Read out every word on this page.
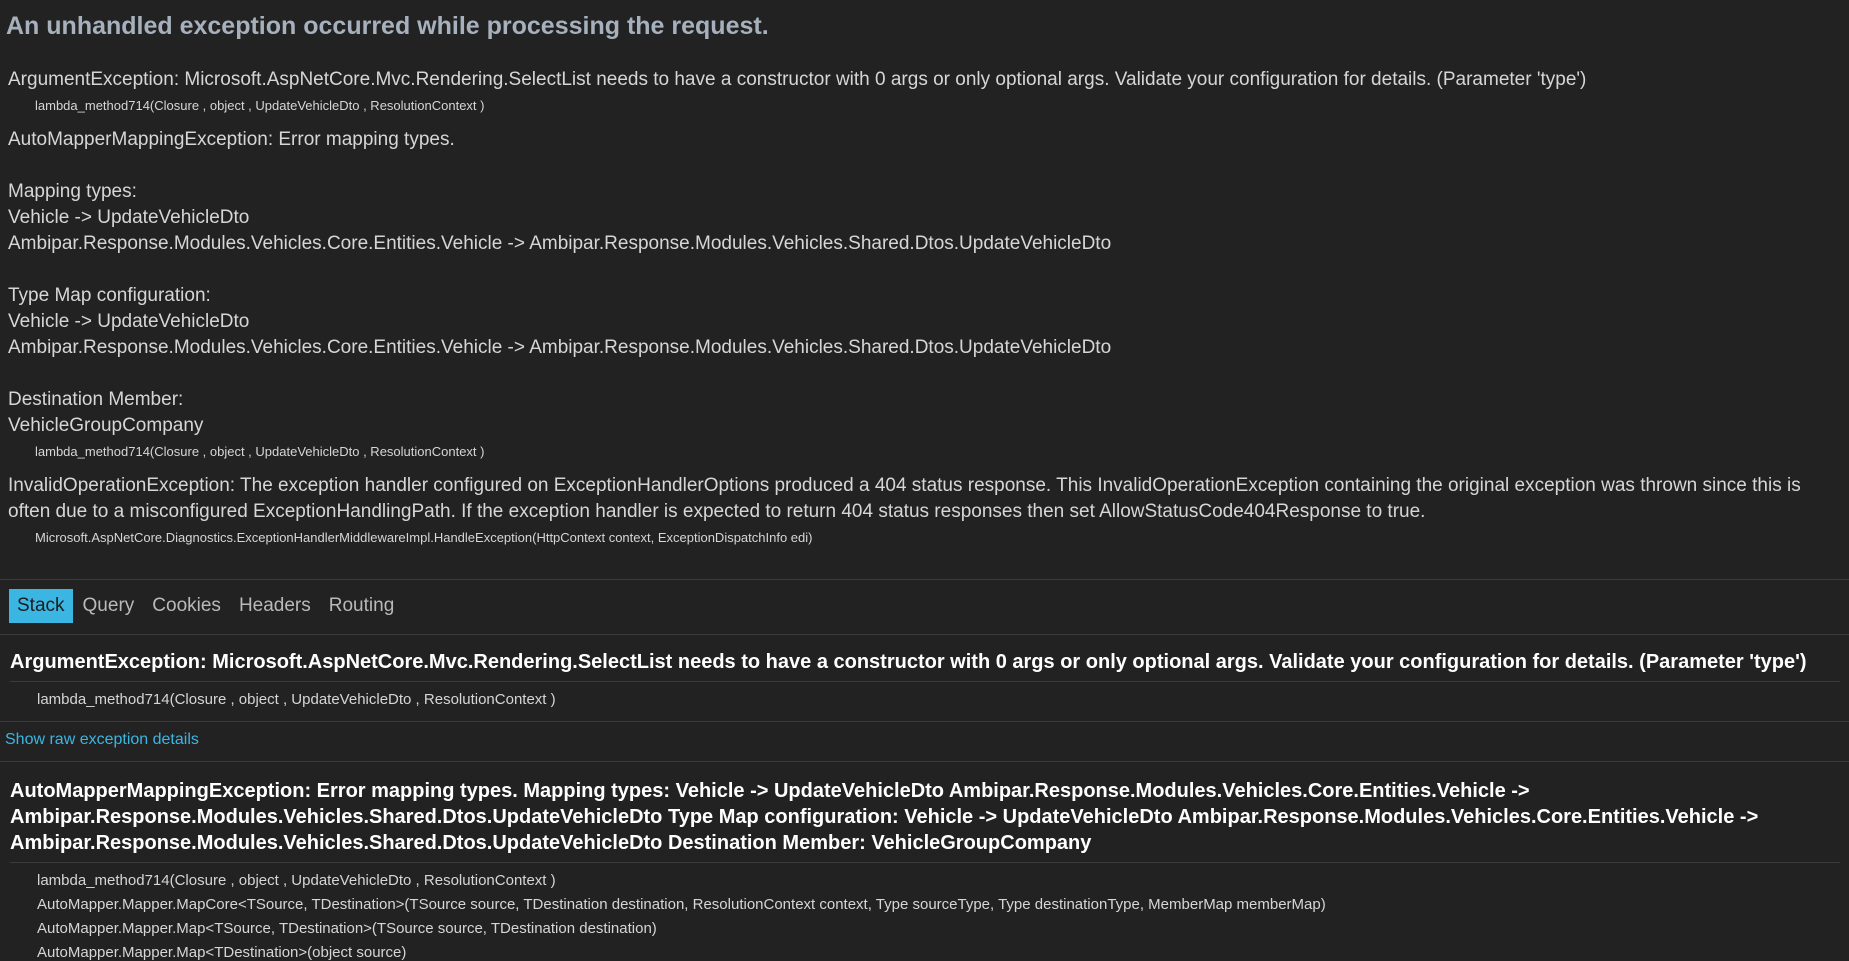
An unhandled exception occurred while processing the request.

ArgumentException: Microsoft.AspNetCore.Mvc.Rendering.SelectList needs to have a constructor with 0 args or only optional args. Validate your configuration for details. (Parameter 'type')

lambda_method714(Closure , object , UpdateVehicleDto , ResolutionContext )

AutoMapperMappingException: Error mapping types.

Mapping types:
Vehicle -> UpdateVehicleDto
Ambipar.Response.Modules.Vehicles.Core.Entities.Vehicle -> Ambipar.Response.Modules.Vehicles.Shared.Dtos.UpdateVehicleDto

Type Map configuration:
Vehicle -> UpdateVehicleDto
Ambipar.Response.Modules.Vehicles.Core.Entities.Vehicle -> Ambipar.Response.Modules.Vehicles.Shared.Dtos.UpdateVehicleDto

Destination Member:
VehicleGroupCompany

lambda_method714(Closure , object , UpdateVehicleDto , ResolutionContext )

InvalidOperationException: The exception handler configured on ExceptionHandlerOptions produced a 404 status response. This InvalidOperationException containing the original exception was thrown since this is often due to a misconfigured ExceptionHandlingPath. If the exception handler is expected to return 404 status responses then set AllowStatusCode404Response to true.

Microsoft.AspNetCore.Diagnostics.ExceptionHandlerMiddlewareImpl.HandleException(HttpContext context, ExceptionDispatchInfo edi)
Stack Query Cookies Headers Routing
ArgumentException: Microsoft.AspNetCore.Mvc.Rendering.SelectList needs to have a constructor with 0 args or only optional args. Validate your configuration for details. (Parameter 'type')
lambda_method714(Closure , object , UpdateVehicleDto , ResolutionContext )
Show raw exception details
AutoMapperMappingException: Error mapping types. Mapping types: Vehicle -> UpdateVehicleDto Ambipar.Response.Modules.Vehicles.Core.Entities.Vehicle -> Ambipar.Response.Modules.Vehicles.Shared.Dtos.UpdateVehicleDto Type Map configuration: Vehicle -> UpdateVehicleDto Ambipar.Response.Modules.Vehicles.Core.Entities.Vehicle -> Ambipar.Response.Modules.Vehicles.Shared.Dtos.UpdateVehicleDto Destination Member: VehicleGroupCompany
lambda_method714(Closure , object , UpdateVehicleDto , ResolutionContext )
AutoMapper.Mapper.MapCore<TSource, TDestination>(TSource source, TDestination destination, ResolutionContext context, Type sourceType, Type destinationType, MemberMap memberMap)
AutoMapper.Mapper.Map<TSource, TDestination>(TSource source, TDestination destination)
AutoMapper.Mapper.Map<TDestination>(object source)
